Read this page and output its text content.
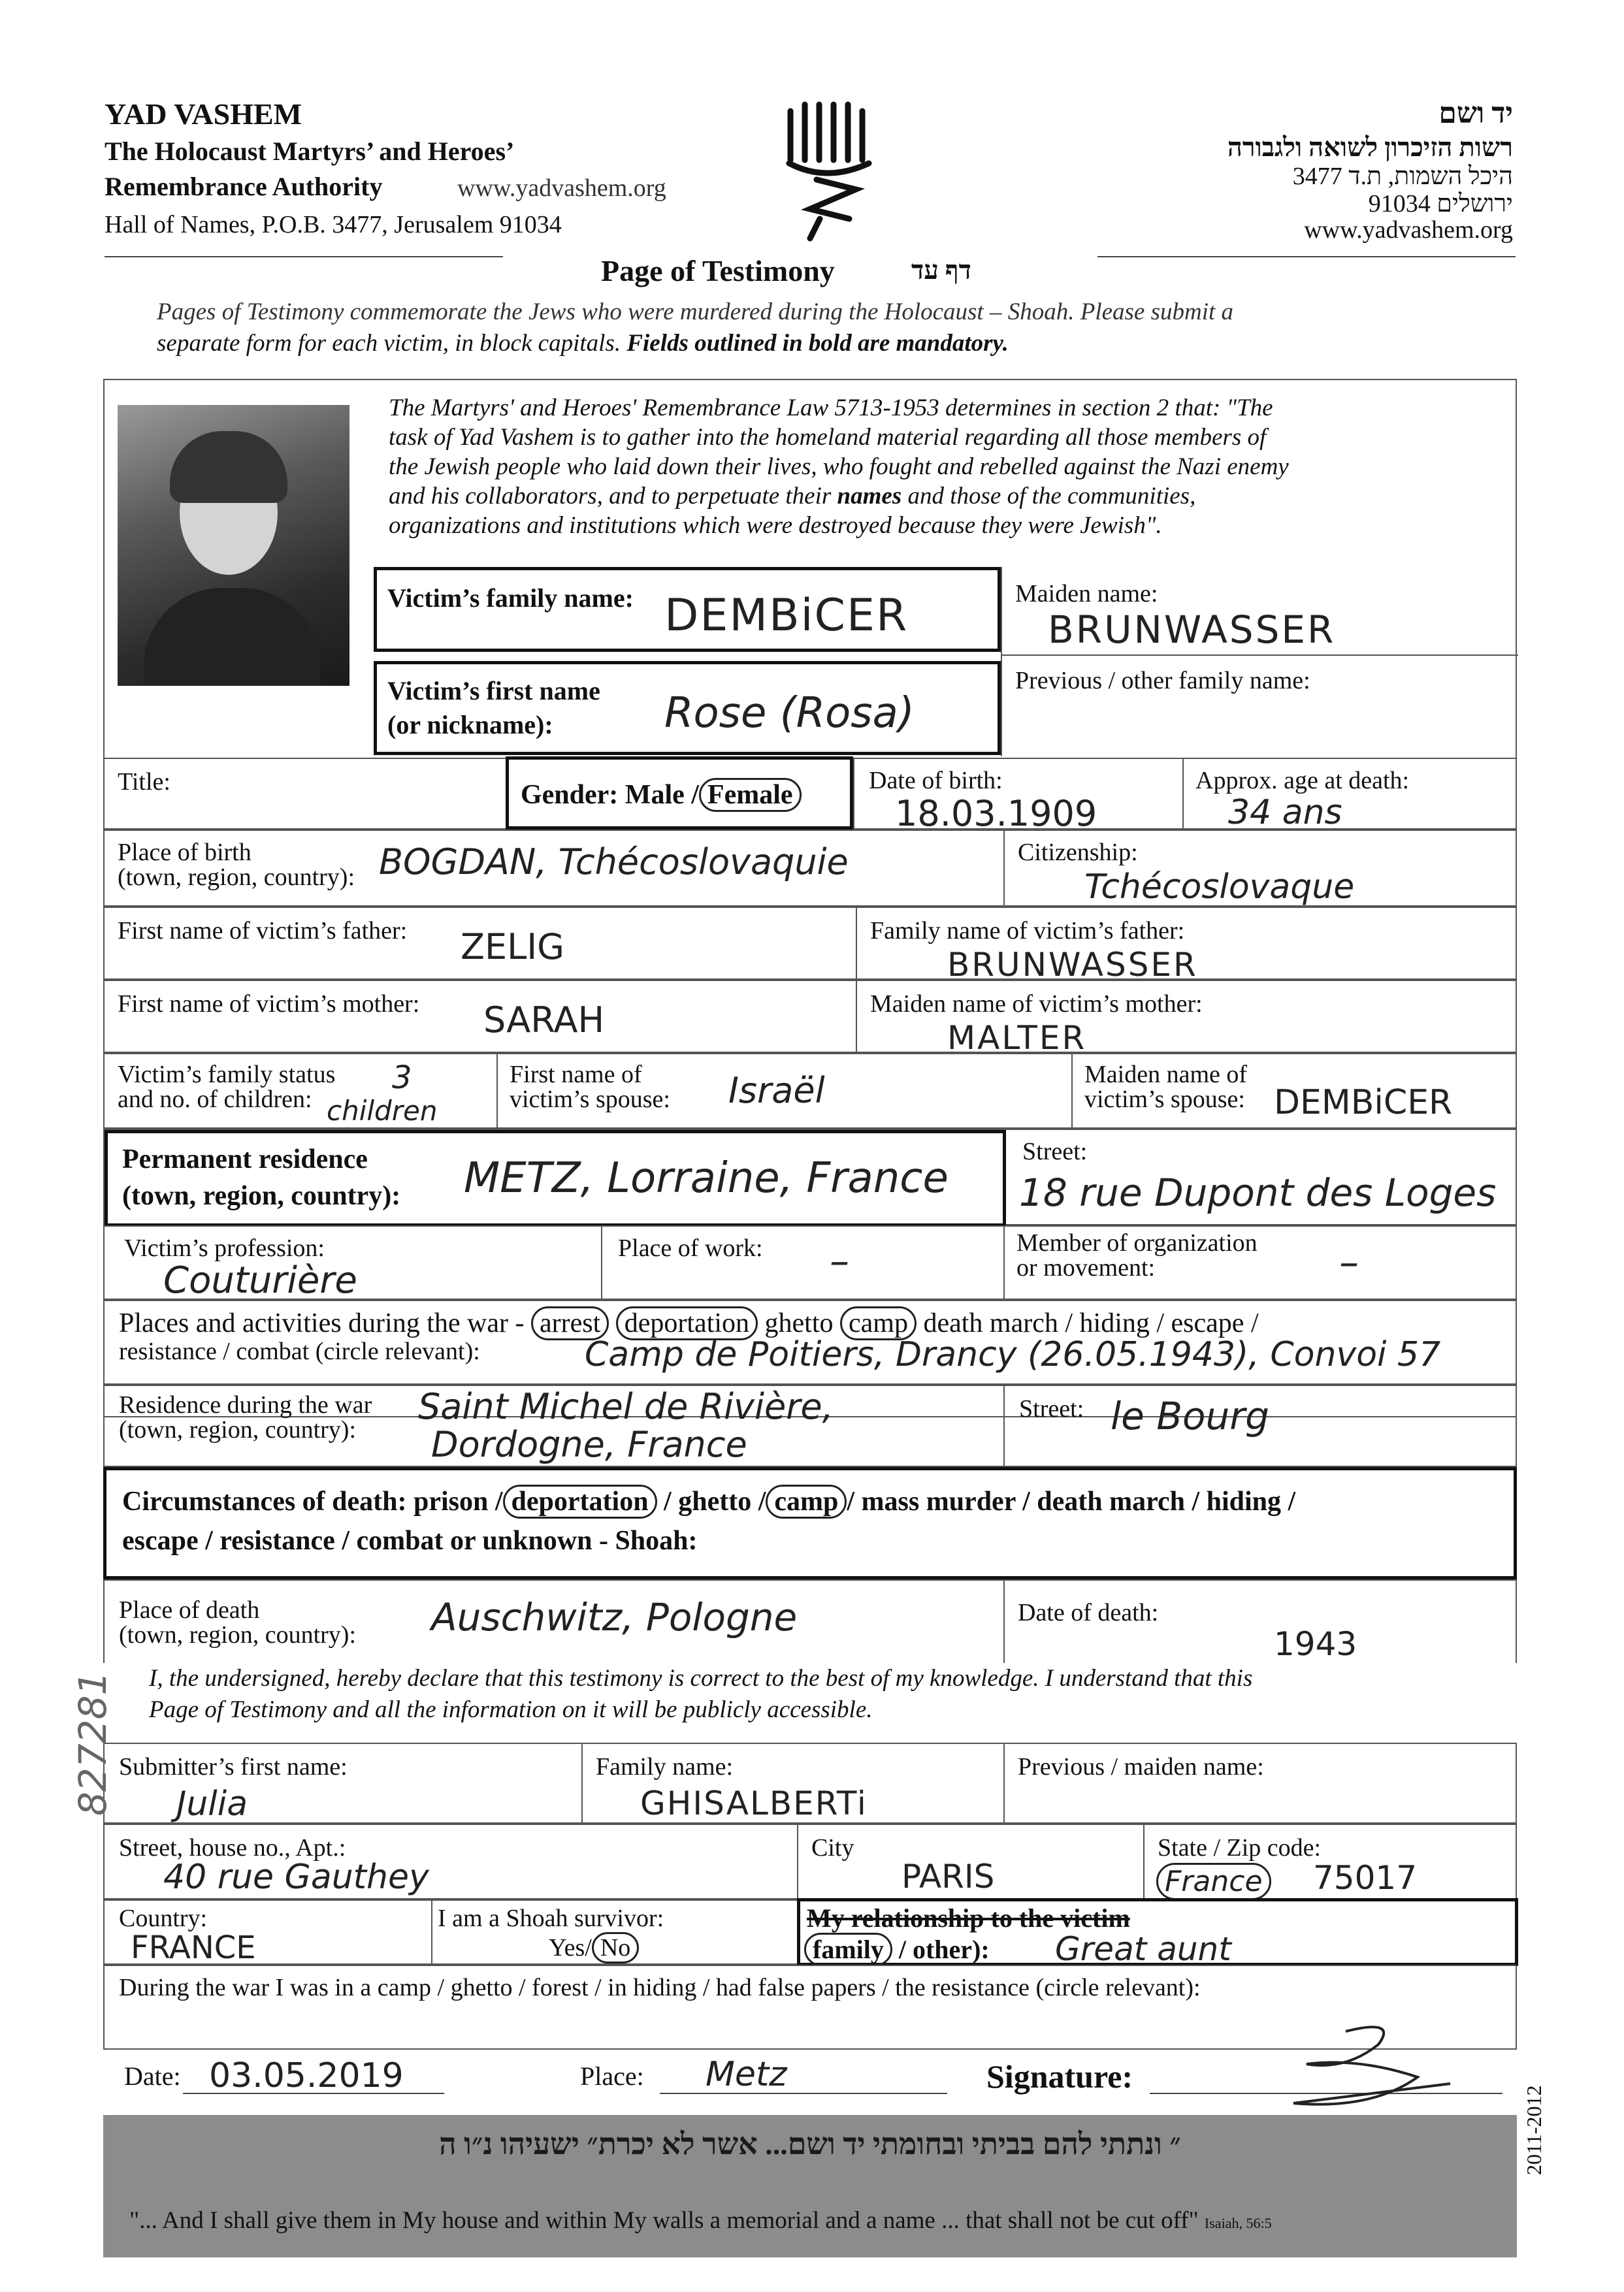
YAD VASHEM
The Holocaust Martyrs’ and Heroes’
Remembrance Authority	www.yadvashem.org
Hall of Names, P.O.B. 3477, Jerusalem 91034
יד ושם
רשות הזיכרון לשואה ולגבורה
היכל השמות, ת.ד 3477
ירושלים 91034
www.yadvashem.org
Page of Testimony	דף עד
Pages of Testimony commemorate the Jews who were murdered during the Holocaust – Shoah. Please submit a
separate form for each victim, in block capitals. Fields outlined in bold are mandatory.
The Martyrs' and Heroes' Remembrance Law 5713-1953 determines in section 2 that: "The
task of Yad Vashem is to gather into the homeland material regarding all those members of
the Jewish people who laid down their lives, who fought and rebelled against the Nazi enemy
and his collaborators, and to perpetuate their names and those of the communities,
organizations and institutions which were destroyed because they were Jewish".
Victim’s family name: DEMBiCER
Victim’s first name
(or nickname):	Rose (Rosa)
Maiden name:
BRUNWASSER
Previous / other family name:
Title:	Gender: Male / Female	Date of birth:
18.03.1909
Approx. age at death:
34 ans
Place of birth
(town, region, country): BOGDAN, Tchécoslovaquie	Citizenship:
Tchécoslovaque
First name of victim’s father: ZELIG	Family name of victim’s father:
BRUNWASSER
First name of victim’s mother: SARAH	Maiden name of victim’s mother:
MALTER
Victim’s family status
and no. of children:
3
children
First name of
victim’s spouse: Israël	Maiden name of
victim’s spouse: DEMBiCER
Permanent residence
(town, region, country): METZ, Lorraine, France
Street:
18 rue Dupont des Loges
Victim’s profession:
Couturière
Place of work: –	Member of organization
or movement:	–
Places and activities during the war - arrest deportation ghetto camp death march / hiding / escape /
resistance / combat (circle relevant):	Camp de Poitiers, Drancy (26.05.1943), Convoi 57
Residence during the war
(town, region, country):
Saint Michel de Rivière,
Dordogne, France
Street: le Bourg
Circumstances of death: prison / deportation / ghetto / camp / mass murder / death march / hiding /
escape / resistance / combat or unknown - Shoah:
Place of death
(town, region, country): Auschwitz, Pologne	Date of death:
1943
I, the undersigned, hereby declare that this testimony is correct to the best of my knowledge. I understand that this
Page of Testimony and all the information on it will be publicly accessible.
Submitter’s first name:
Julia
Family name:
GHISALBERTi
Previous / maiden name:
Street, house no., Apt.:
40 rue Gauthey
City
PARIS
State / Zip code:
France 75017
Country:
FRANCE
I am a Shoah survivor:
Yes/ No
My relationship to the victim
family / other): Great aunt
During the war I was in a camp / ghetto / forest / in hiding / had false papers / the resistance (circle relevant):
Date: 03.05.2019	Place: Metz	Signature:
״ ונתתי להם בביתי ובחומתי יד ושם... אשר לא יכרת״ ישעיהו נ״ו ה
"... And I shall give them in My house and within My walls a memorial and a name ... that shall not be cut off" Isaiah, 56:5
2011-2012
827281
